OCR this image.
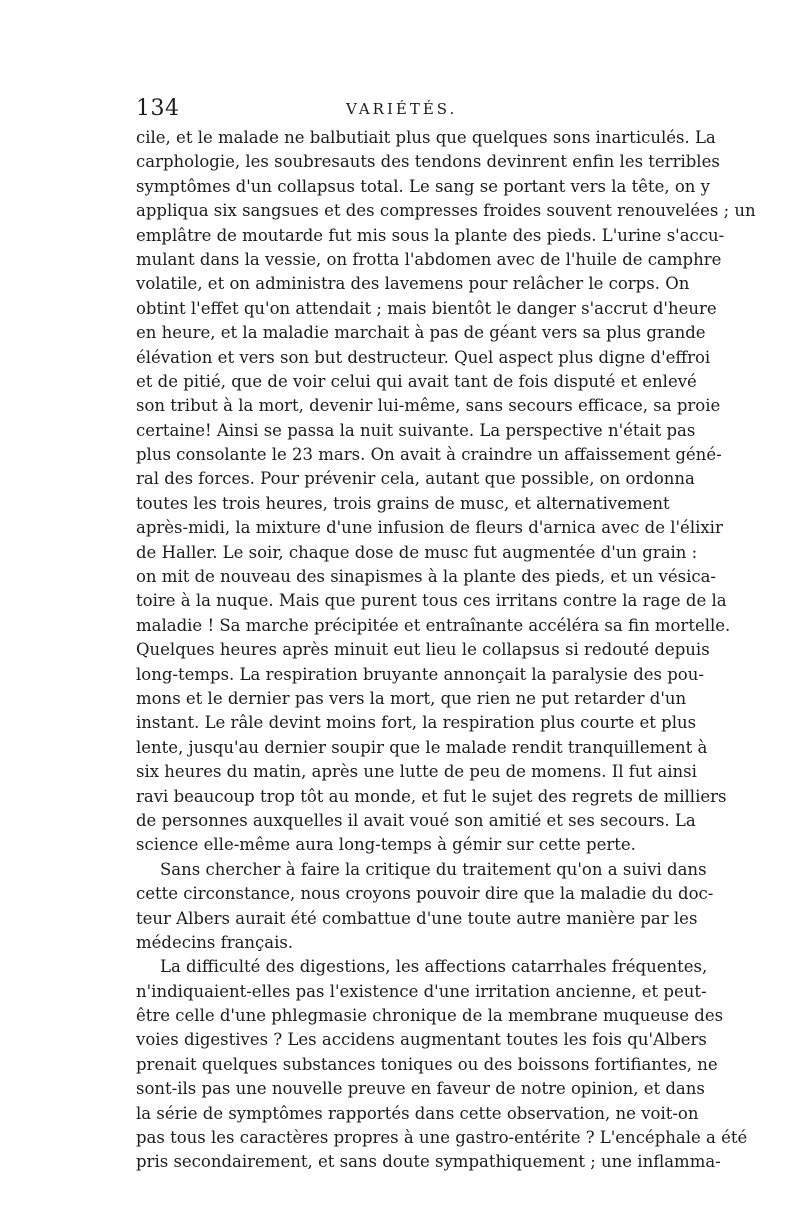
134	VARIÉTÉS.
cile, et le malade ne balbutiait plus que quelques sons inarticulés. La
carphologie, les soubresauts des tendons devinrent enfin les terribles
symptômes d'un collapsus total. Le sang se portant vers la tête, on y
appliqua six sangsues et des compresses froides souvent renouvelées ; un
emplâtre de moutarde fut mis sous la plante des pieds. L'urine s'accu-
mulant dans la vessie, on frotta l'abdomen avec de l'huile de camphre
volatile, et on administra des lavemens pour relâcher le corps. On
obtint l'effet qu'on attendait ; mais bientôt le danger s'accrut d'heure
en heure, et la maladie marchait à pas de géant vers sa plus grande
élévation et vers son but destructeur. Quel aspect plus digne d'effroi
et de pitié, que de voir celui qui avait tant de fois disputé et enlevé
son tribut à la mort, devenir lui-même, sans secours efficace, sa proie
certaine! Ainsi se passa la nuit suivante. La perspective n'était pas
plus consolante le 23 mars. On avait à craindre un affaissement géné-
ral des forces. Pour prévenir cela, autant que possible, on ordonna
toutes les trois heures, trois grains de musc, et alternativement
après-midi, la mixture d'une infusion de fleurs d'arnica avec de l'élixir
de Haller. Le soir, chaque dose de musc fut augmentée d'un grain :
on mit de nouveau des sinapismes à la plante des pieds, et un vésica-
toire à la nuque. Mais que purent tous ces irritans contre la rage de la
maladie ! Sa marche précipitée et entraînante accéléra sa fin mortelle.
Quelques heures après minuit eut lieu le collapsus si redouté depuis
long-temps. La respiration bruyante annonçait la paralysie des pou-
mons et le dernier pas vers la mort, que rien ne put retarder d'un
instant. Le râle devint moins fort, la respiration plus courte et plus
lente, jusqu'au dernier soupir que le malade rendit tranquillement à
six heures du matin, après une lutte de peu de momens. Il fut ainsi
ravi beaucoup trop tôt au monde, et fut le sujet des regrets de milliers
de personnes auxquelles il avait voué son amitié et ses secours. La
science elle-même aura long-temps à gémir sur cette perte.
Sans chercher à faire la critique du traitement qu'on a suivi dans
cette circonstance, nous croyons pouvoir dire que la maladie du doc-
teur Albers aurait été combattue d'une toute autre manière par les
médecins français.
La difficulté des digestions, les affections catarrhales fréquentes,
n'indiquaient-elles pas l'existence d'une irritation ancienne, et peut-
être celle d'une phlegmasie chronique de la membrane muqueuse des
voies digestives ? Les accidens augmentant toutes les fois qu'Albers
prenait quelques substances toniques ou des boissons fortifiantes, ne
sont-ils pas une nouvelle preuve en faveur de notre opinion, et dans
la série de symptômes rapportés dans cette observation, ne voit-on
pas tous les caractères propres à une gastro-entérite ? L'encéphale a été
pris secondairement, et sans doute sympathiquement ; une inflamma-
